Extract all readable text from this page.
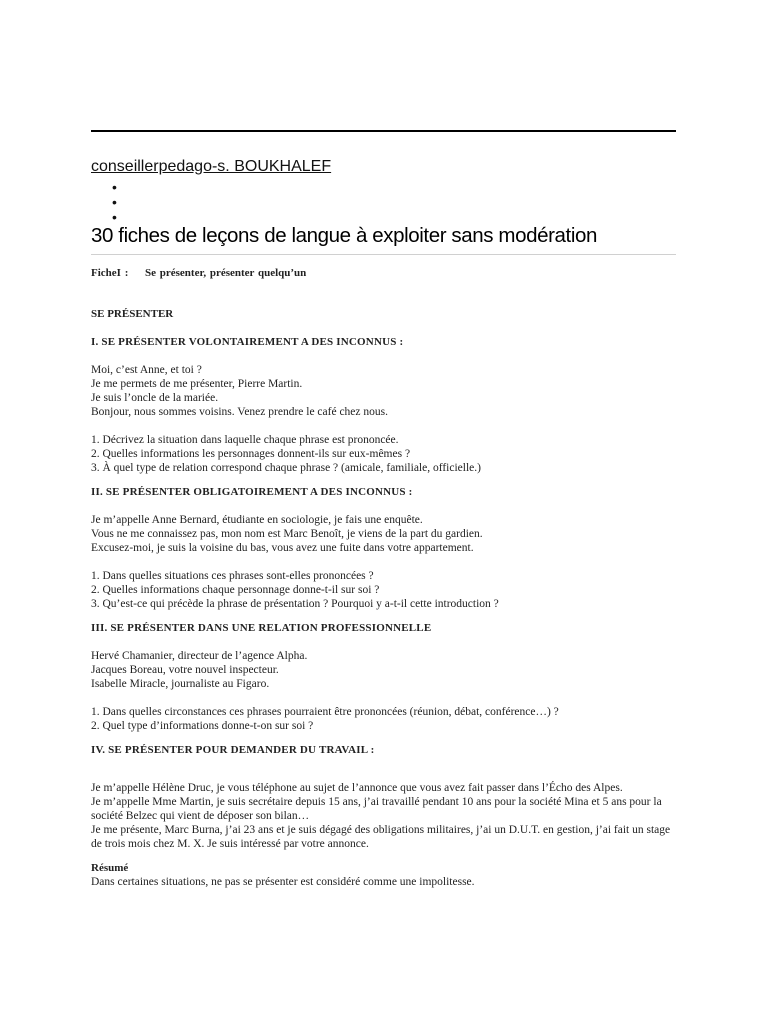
conseillerpedago-s. BOUKHALEF
•
•
•
30 fiches de leçons de langue à exploiter sans modération

FicheI : Se présenter, présenter quelqu’un

SE PRÉSENTER

I. SE PRÉSENTER VOLONTAIREMENT A DES INCONNUS :

Moi, c’est Anne, et toi ?

Je me permets de me présenter, Pierre Martin.

Je suis l’oncle de la mariée.

Bonjour, nous sommes voisins. Venez prendre le café chez nous.

1. Décrivez la situation dans laquelle chaque phrase est prononcée.

2. Quelles informations les personnages donnent-ils sur eux-mêmes ?

3. À quel type de relation correspond chaque phrase ? (amicale, familiale, officielle.)

II. SE PRÉSENTER OBLIGATOIREMENT A DES INCONNUS :

Je m’appelle Anne Bernard, étudiante en sociologie, je fais une enquête.

Vous ne me connaissez pas, mon nom est Marc Benoît, je viens de la part du gardien.

Excusez-moi, je suis la voisine du bas, vous avez une fuite dans votre appartement.

1. Dans quelles situations ces phrases sont-elles prononcées ?

2. Quelles informations chaque personnage donne-t-il sur soi ?

3. Qu’est-ce qui précède la phrase de présentation ? Pourquoi y a-t-il cette introduction ?

III. SE PRÉSENTER DANS UNE RELATION PROFESSIONNELLE

Hervé Chamanier, directeur de l’agence Alpha.

Jacques Boreau, votre nouvel inspecteur.

Isabelle Miracle, journaliste au Figaro.

1. Dans quelles circonstances ces phrases pourraient être prononcées (réunion, débat, conférence…) ?

2. Quel type d’informations donne-t-on sur soi ?

IV. SE PRÉSENTER POUR DEMANDER DU TRAVAIL :

Je m’appelle Hélène Druc, je vous téléphone au sujet de l’annonce que vous avez fait passer dans l’Écho des Alpes.

Je m’appelle Mme Martin, je suis secrétaire depuis 15 ans, j’ai travaillé pendant 10 ans pour la société Mina et 5 ans pour la société Belzec qui vient de déposer son bilan…

Je me présente, Marc Burna, j’ai 23 ans et je suis dégagé des obligations militaires, j’ai un D.U.T. en gestion, j’ai fait un stage de trois mois chez M. X. Je suis intéressé par votre annonce.

Résumé

Dans certaines situations, ne pas se présenter est considéré comme une impolitesse.
